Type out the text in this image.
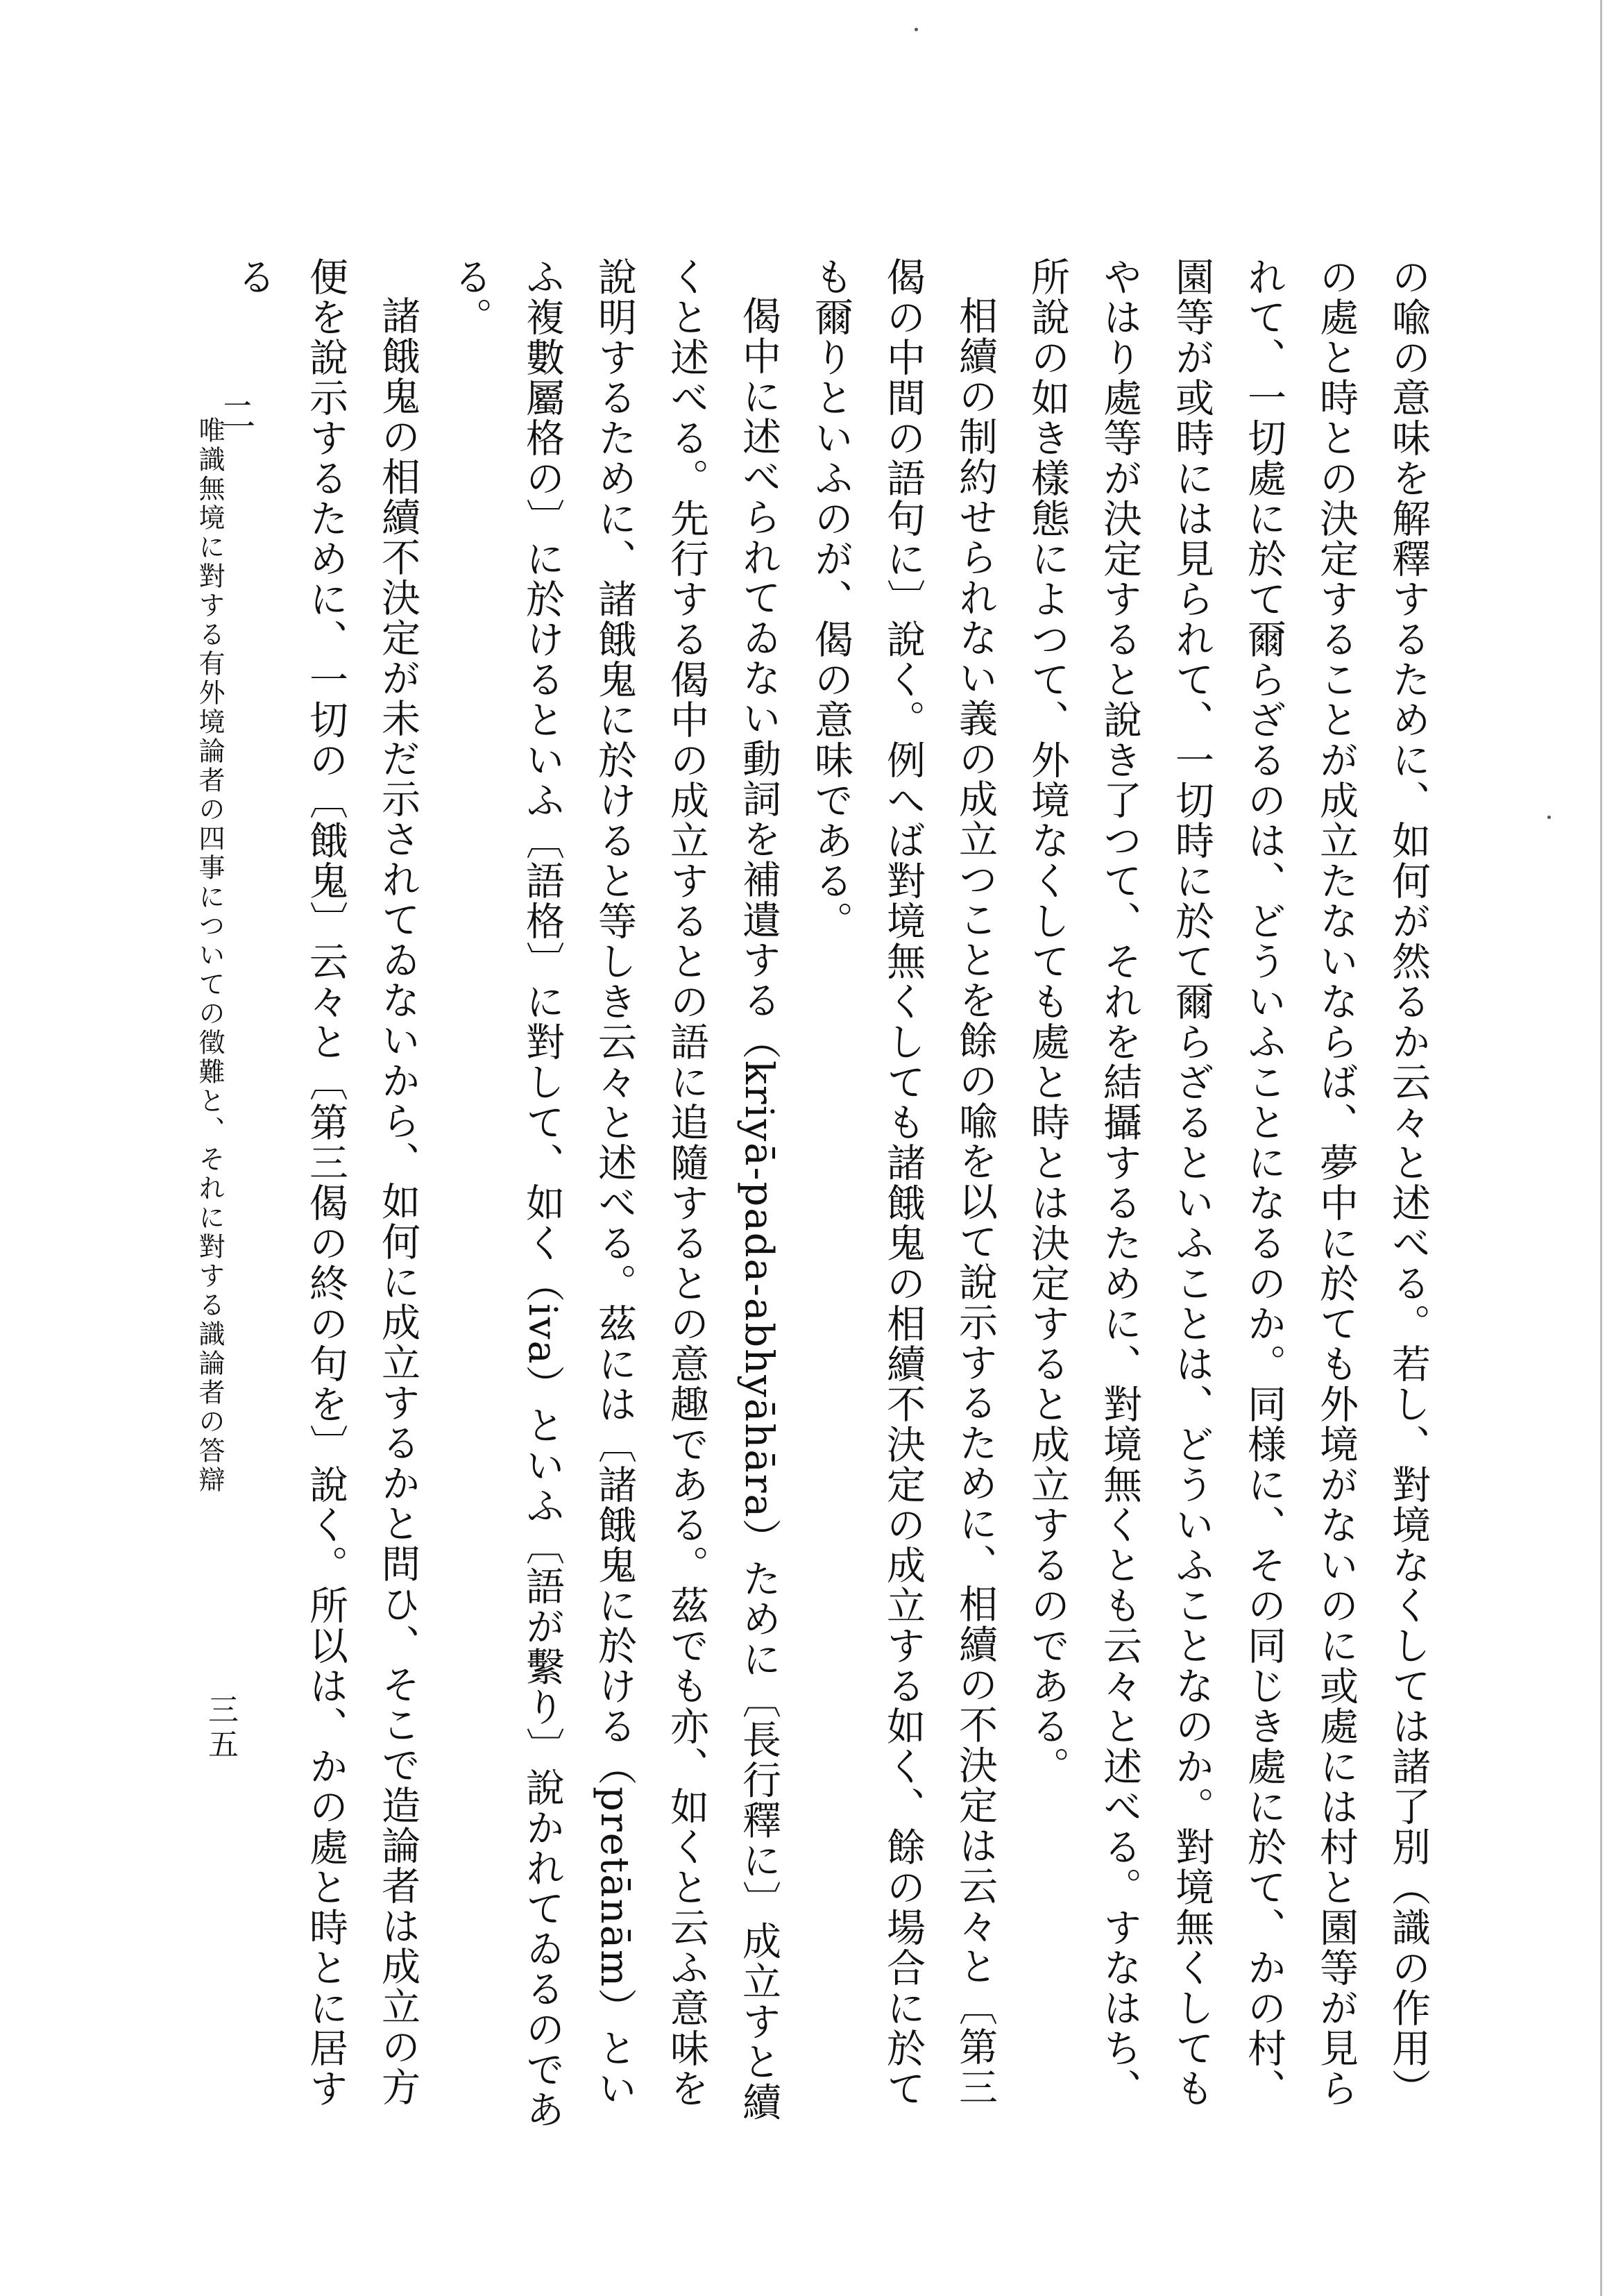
の喩の意味を解釋するために、如何が然るか云々と述べる。若し、對境なくしては諸了別（識の作用）の處と時との決定することが成立たないならば、夢中に於ても外境がないのに或處には村と園等が見られて、一切處に於て爾らざるのは、どういふことになるのか。同様に、その同じき處に於て、かの村、園等が或時には見られて、一切時に於て爾らざるといふことは、どういふことなのか。對境無くしてもやはり處等が決定すると說き了つて、それを結攝するために、對境無くとも云々と述べる。すなはち、所說の如き樣態によつて、外境なくしても處と時とは決定すると成立するのである。

相續の制約せられない義の成立つことを餘の喩を以て說示するために、相續の不決定は云々と〔第三偈の中間の語句に〕說く。例へば對境無くしても諸餓鬼の相續不決定の成立する如く、餘の場合に於ても爾りといふのが、偈の意味である。

偈中に述べられてゐない動詞を補遺する（kriyā-pada-abhyāhāra）ために〔長行釋に〕成立すと續くと述べる。先行する偈中の成立するとの語に追隨するとの意趣である。茲でも亦、如くと云ふ意味を說明するために、諸餓鬼に於けると等しき云々と述べる。茲には〔諸餓鬼に於ける（pretānām）といふ複數屬格の〕に於けるといふ〔語格〕に對して、如く（iva）といふ〔語が繫り〕說かれてゐるのである。

諸餓鬼の相續不決定が未だ示されてゐないから、如何に成立するかと問ひ、そこで造論者は成立の方便を說示するために、一切の〔餓鬼〕云々と〔第三偈の終の句を〕說く。所以は、かの處と時とに居する

二
唯識無境に對する有外境論者の四事についての徵難と、それに對する識論者の答辯
三五
